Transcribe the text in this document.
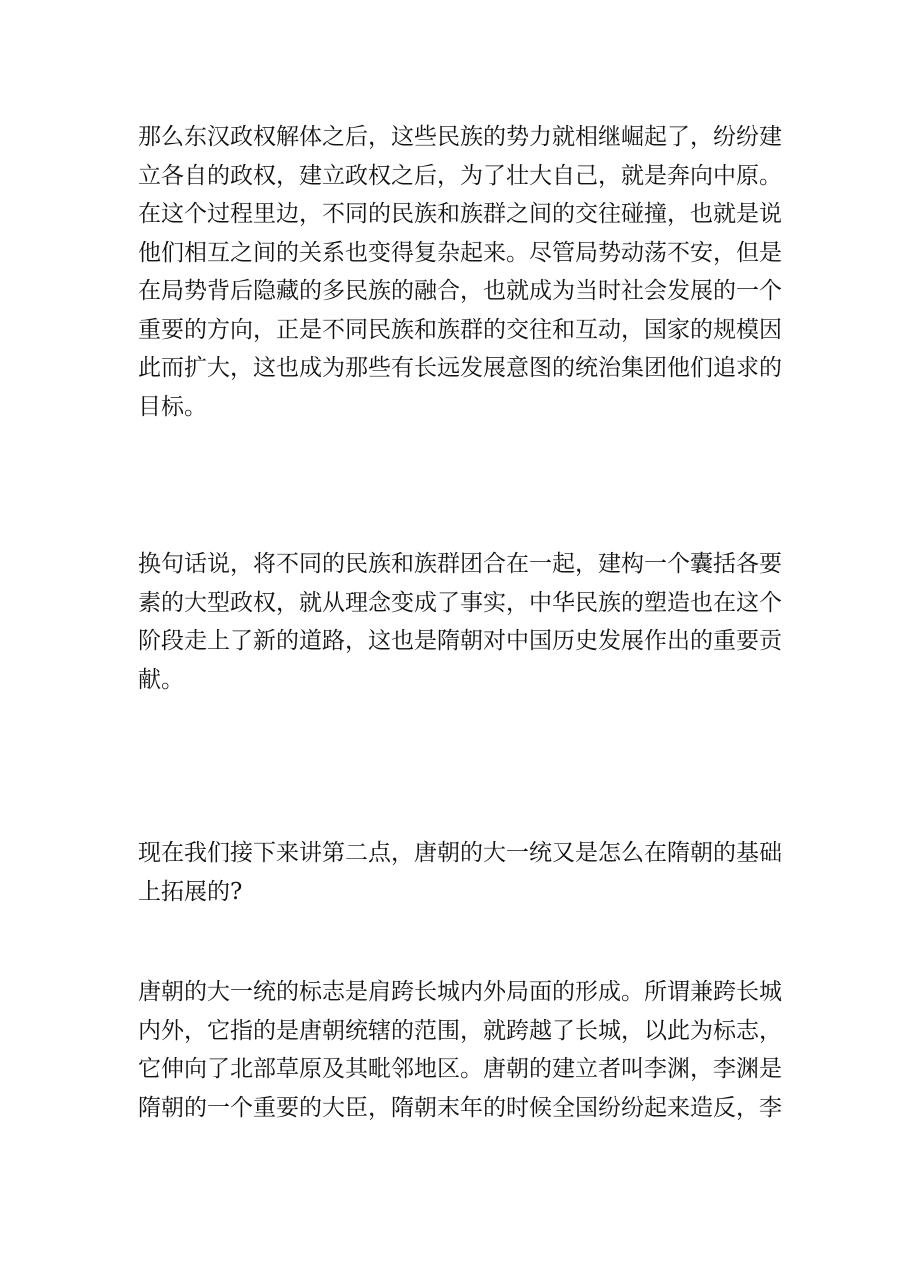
那么东汉政权解体之后，这些民族的势力就相继崛起了，纷纷建
立各自的政权，建立政权之后，为了壮大自己，就是奔向中原。
在这个过程里边，不同的民族和族群之间的交往碰撞，也就是说
他们相互之间的关系也变得复杂起来。尽管局势动荡不安，但是
在局势背后隐藏的多民族的融合，也就成为当时社会发展的一个
重要的方向，正是不同民族和族群的交往和互动，国家的规模因
此而扩大，这也成为那些有长远发展意图的统治集团他们追求的
目标。

换句话说，将不同的民族和族群团合在一起，建构一个囊括各要
素的大型政权，就从理念变成了事实，中华民族的塑造也在这个
阶段走上了新的道路，这也是隋朝对中国历史发展作出的重要贡
献。

现在我们接下来讲第二点，唐朝的大一统又是怎么在隋朝的基础
上拓展的?

唐朝的大一统的标志是肩跨长城内外局面的形成。所谓兼跨长城
内外，它指的是唐朝统辖的范围，就跨越了长城，以此为标志，
它伸向了北部草原及其毗邻地区。唐朝的建立者叫李渊，李渊是
隋朝的一个重要的大臣，隋朝末年的时候全国纷纷起来造反，李
